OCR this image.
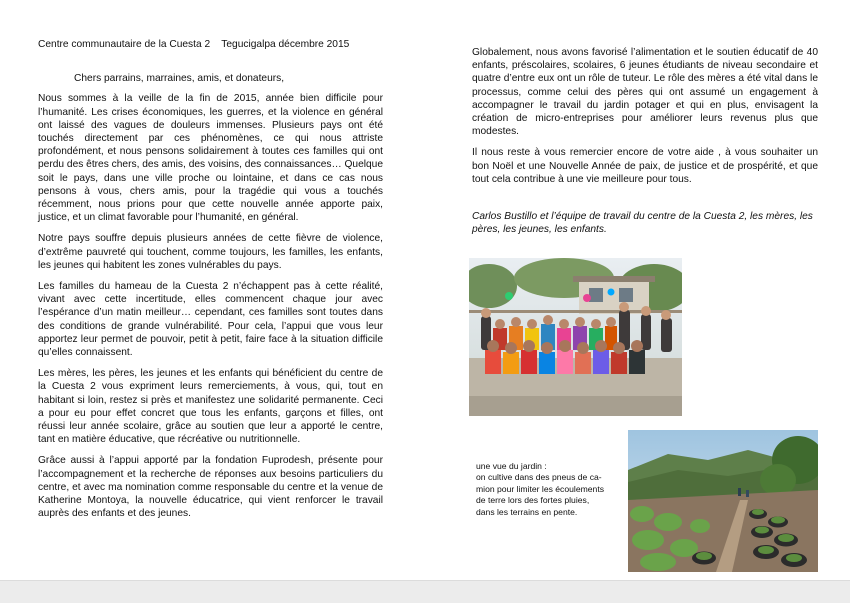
Centre communautaire de la Cuesta 2 Tegucigalpa décembre 2015
Chers parrains, marraines, amis, et donateurs,

Nous sommes à la veille de la fin de 2015, année bien difficile pour l’humanité. Les crises économiques, les guerres, et la violence en général ont laissé des vagues de douleurs immenses. Plusieurs pays ont été touchés directement par ces phénomènes, ce qui nous attriste profondément, et nous pensons solidairement à toutes ces familles qui ont perdu des êtres chers, des amis, des voisins, des connaissances… Quelque soit le pays, dans une ville proche ou lointaine, et dans ce cas nous pensons à vous, chers amis, pour la tragédie qui vous a touchés récemment, nous prions pour que cette nouvelle année apporte paix, justice, et un climat favorable pour l’humanité, en général.

Notre pays souffre depuis plusieurs années de cette fièvre de violence, d’extrême pauvreté qui touchent, comme toujours, les familles, les enfants, les jeunes qui habitent les zones vulnérables du pays.

Les familles du hameau de la Cuesta 2 n’échappent pas à cette réalité, vivant avec cette incertitude, elles commencent chaque jour avec l’espérance d’un matin meilleur… cependant, ces familles sont toutes dans des conditions de grande vulnérabilité. Pour cela, l’appui que vous leur apportez leur permet de pouvoir, petit à petit, faire face à la situation difficile qu’elles connaissent.

Les mères, les pères, les jeunes et les enfants qui bénéficient du centre de la Cuesta 2 vous expriment leurs remerciements, à vous, qui, tout en habitant si loin, restez si près et manifestez une solidarité permanente. Ceci a pour eu pour effet concret que tous les enfants, garçons et filles, ont réussi leur année scolaire, grâce au soutien que leur a apporté le centre, tant en matière éducative, que récréative ou nutritionnelle.

Grâce aussi à l’appui apporté par la fondation Fuprodesh, présente pour l’accompagnement et la recherche de réponses aux besoins particuliers du centre, et avec ma nomination comme responsable du centre et la venue de Katherine Montoya, la nouvelle éducatrice, qui vient renforcer le travail auprès des enfants et des jeunes.

Globalement, nous avons favorisé l’alimentation et le soutien éducatif de 40 enfants, préscolaires, scolaires, 6 jeunes étudiants de niveau secondaire et quatre d’entre eux ont un rôle de tuteur. Le rôle des mères a été vital dans le processus, comme celui des pères qui ont assumé un engagement à accompagner le travail du jardin potager et qui en plus, envisagent la création de micro-entreprises pour améliorer leurs revenus plus que modestes.

Il nous reste à vous remercier encore de votre aide , à vous souhaiter un bon Noël et une Nouvelle Année de paix, de justice et de prospérité, et que tout cela contribue à une vie meilleure pour tous.

Carlos Bustillo et l’équipe de travail du centre de la Cuesta 2, les mères, les pères, les jeunes, les enfants.
une vue du jardin :
on cultive dans des pneus de ca-
mion pour limiter les écoulements
de terre lors des fortes pluies,
dans les terrains en pente.
